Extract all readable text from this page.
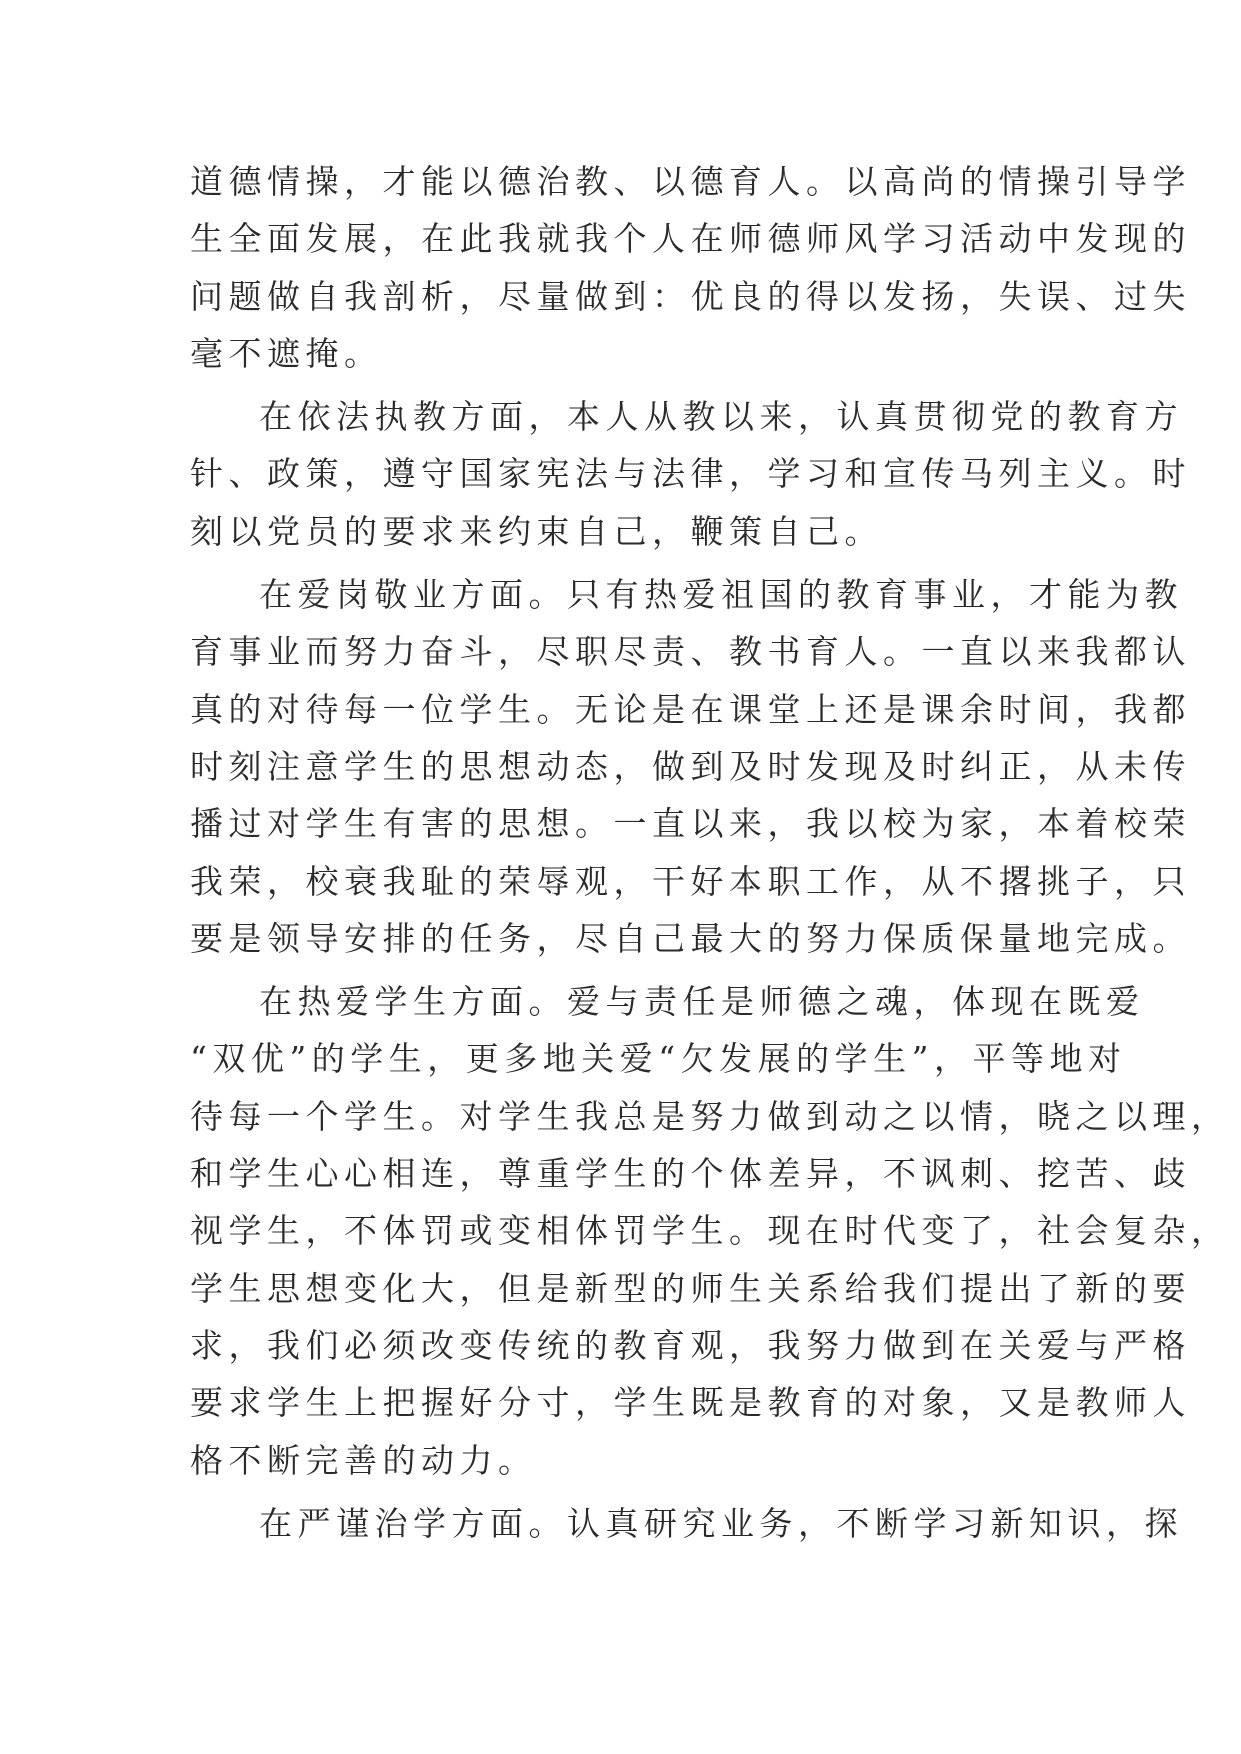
道德情操，才能以德治教、以德育人。以高尚的情操引导学
生全面发展，在此我就我个人在师德师风学习活动中发现的
问题做自我剖析，尽量做到：优良的得以发扬，失误、过失
毫不遮掩。
在依法执教方面，本人从教以来，认真贯彻党的教育方
针、政策，遵守国家宪法与法律，学习和宣传马列主义。时
刻以党员的要求来约束自己，鞭策自己。
在爱岗敬业方面。只有热爱祖国的教育事业，才能为教
育事业而努力奋斗，尽职尽责、教书育人。一直以来我都认
真的对待每一位学生。无论是在课堂上还是课余时间，我都
时刻注意学生的思想动态，做到及时发现及时纠正，从未传
播过对学生有害的思想。一直以来，我以校为家，本着校荣
我荣，校衰我耻的荣辱观，干好本职工作，从不撂挑子，只
要是领导安排的任务，尽自己最大的努力保质保量地完成。
在热爱学生方面。爱与责任是师德之魂，体现在既爱
“双优”的学生，更多地关爱“欠发展的学生”，平等地对
待每一个学生。对学生我总是努力做到动之以情，晓之以理，
和学生心心相连，尊重学生的个体差异，不讽刺、挖苦、歧
视学生，不体罚或变相体罚学生。现在时代变了，社会复杂，
学生思想变化大，但是新型的师生关系给我们提出了新的要
求，我们必须改变传统的教育观，我努力做到在关爱与严格
要求学生上把握好分寸，学生既是教育的对象，又是教师人
格不断完善的动力。
在严谨治学方面。认真研究业务，不断学习新知识，探
